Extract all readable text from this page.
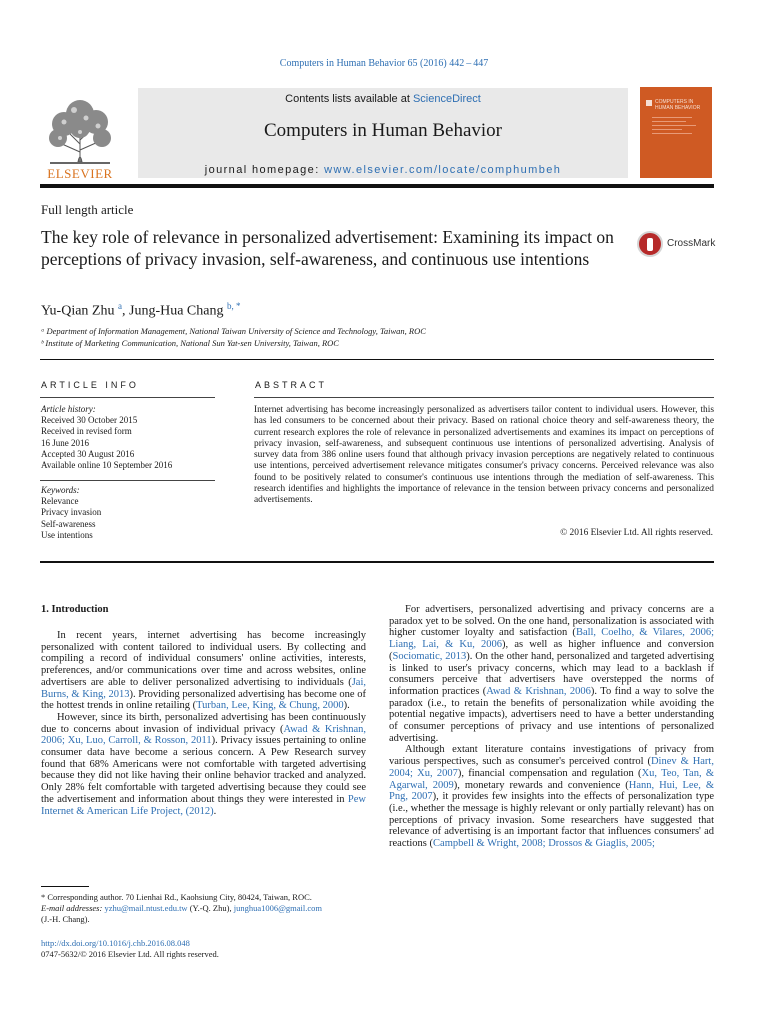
Computers in Human Behavior 65 (2016) 442 – 447
ELSEVIER
Contents lists available at ScienceDirect
Computers in Human Behavior
journal homepage: www.elsevier.com/locate/comphumbeh
COMPUTERS IN HUMAN BEHAVIOR
Full length article
The key role of relevance in personalized advertisement: Examining its impact on perceptions of privacy invasion, self-awareness, and continuous use intentions
CrossMark
Yu-Qian Zhu $^a$, Jung-Hua Chang $^{b, *}$
ᵃ Department of Information Management, National Taiwan University of Science and Technology, Taiwan, ROC
ᵇ Institute of Marketing Communication, National Sun Yat-sen University, Taiwan, ROC
ARTICLE INFO	ABSTRACT
Article history:
Received 30 October 2015
Received in revised form
16 June 2016
Accepted 30 August 2016
Available online 10 September 2016
Keywords:
Relevance
Privacy invasion
Self-awareness
Use intentions
Internet advertising has become increasingly personalized as advertisers tailor content to individual users. However, this has led consumers to be concerned about their privacy. Based on rational choice theory and self-awareness theory, the current research explores the role of relevance in personalized advertisements and examines its impact on perceptions of privacy invasion, self-awareness, and subsequent continuous use intentions of personalized advertising. Analysis of survey data from 386 online users found that although privacy invasion perceptions are negatively related to continuous use intentions, perceived advertisement relevance mitigates consumer's privacy concerns. Perceived relevance was also found to be positively related to consumer's continuous use intentions through the mediation of self-awareness. This research identifies and highlights the importance of relevance in the tension between privacy concerns and personalized advertisements.
© 2016 Elsevier Ltd. All rights reserved.
1. Introduction

In recent years, internet advertising has become increasingly personalized with content tailored to individual users. By collecting and compiling a record of individual consumers' online activities, interests, preferences, and/or communications over time and across websites, online advertisers are able to deliver personalized advertising to individuals (Jai, Burns, & King, 2013). Providing personalized advertising has become one of the hottest trends in online retailing (Turban, Lee, King, & Chung, 2000).

However, since its birth, personalized advertising has been continuously due to concerns about invasion of individual privacy (Awad & Krishnan, 2006; Xu, Luo, Carroll, & Rosson, 2011). Privacy issues pertaining to online consumer data have become a serious concern. A Pew Research survey found that 68% Americans were not comfortable with targeted advertising because they did not like having their online behavior tracked and analyzed. Only 28% felt comfortable with targeted advertising because they could see the advertisement and information about things they were interested in Pew Internet & American Life Project, (2012).

For advertisers, personalized advertising and privacy concerns are a paradox yet to be solved. On the one hand, personalization is associated with higher customer loyalty and satisfaction (Ball, Coelho, & Vilares, 2006; Liang, Lai, & Ku, 2006), as well as higher influence and conversion (Sociomatic, 2013). On the other hand, personalized and targeted advertising is linked to user's privacy concerns, which may lead to a backlash if consumers perceive that advertisers have overstepped the norms of information practices (Awad & Krishnan, 2006). To find a way to solve the paradox (i.e., to retain the benefits of personalization while avoiding the potential negative impacts), advertisers need to have a better understanding of consumer perceptions of privacy and use intentions of personalized advertising.

Although extant literature contains investigations of privacy from various perspectives, such as consumer's perceived control (Dinev & Hart, 2004; Xu, 2007), financial compensation and regulation (Xu, Teo, Tan, & Agarwal, 2009), monetary rewards and convenience (Hann, Hui, Lee, & Png, 2007), it provides few insights into the effects of personalization type (i.e., whether the message is highly relevant or only partially relevant) has on perceptions of privacy invasion. Some researchers have suggested that relevance of advertising is an important factor that influences consumers' ad reactions (Campbell & Wright, 2008; Drossos & Giaglis, 2005;

* Corresponding author. 70 Lienhai Rd., Kaohsiung City, 80424, Taiwan, ROC.
E-mail addresses: yzhu@mail.ntust.edu.tw (Y.-Q. Zhu), junghua1006@gmail.com
(J.-H. Chang).
http://dx.doi.org/10.1016/j.chb.2016.08.048
0747-5632/© 2016 Elsevier Ltd. All rights reserved.
